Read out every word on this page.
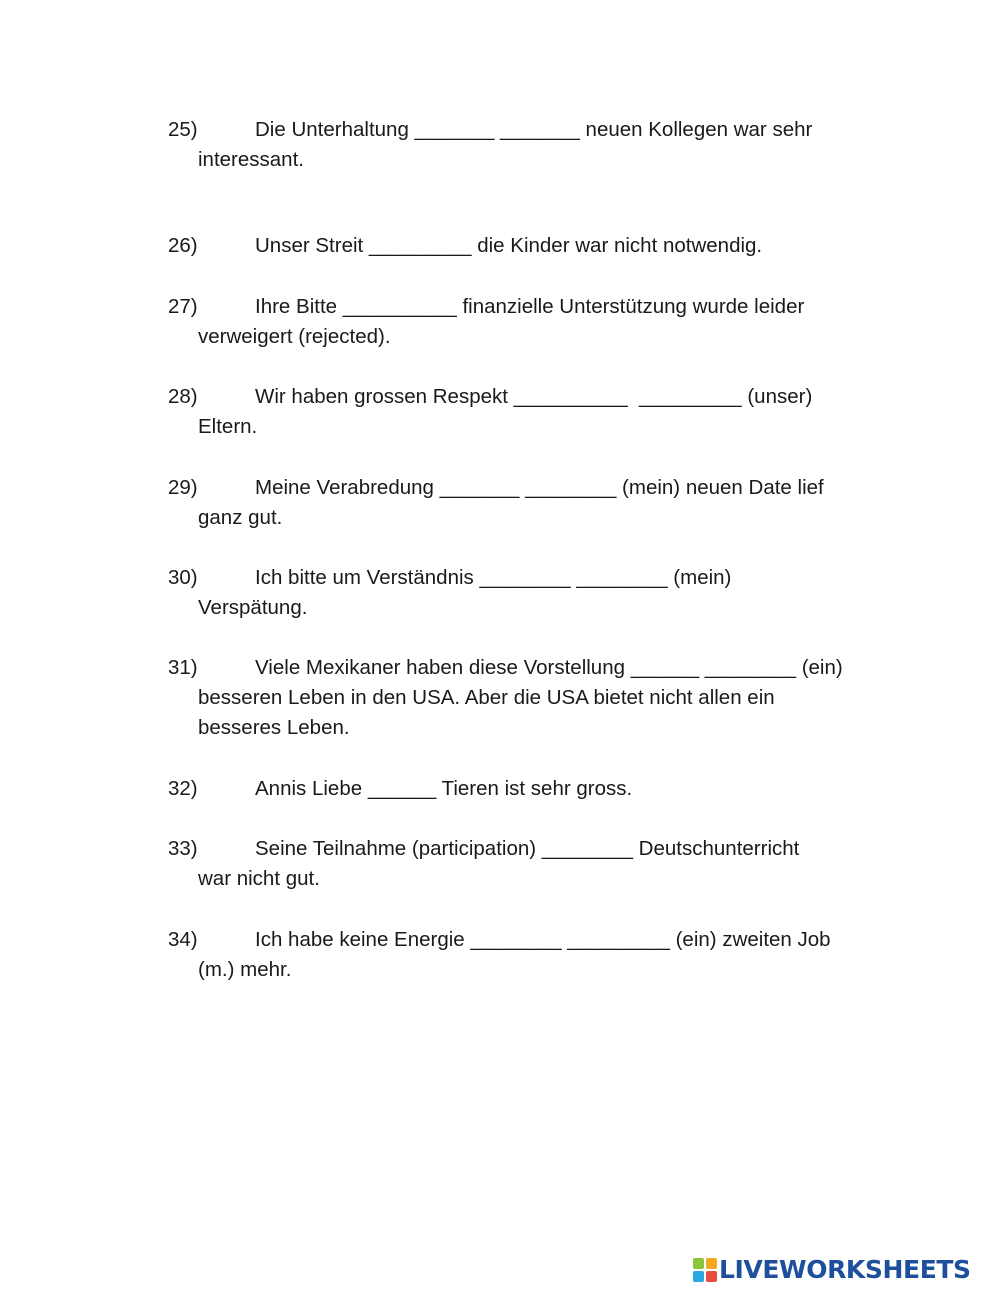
25)	Die Unterhaltung _______ _______ neuen Kollegen war sehr
interessant.
26)	Unser Streit _________ die Kinder war nicht notwendig.
27)	Ihre Bitte __________ finanzielle Unterstützung wurde leider
verweigert (rejected).
28)	Wir haben grossen Respekt __________  _________ (unser)
Eltern.
29)	Meine Verabredung _______ ________ (mein) neuen Date lief
ganz gut.
30)	Ich bitte um Verständnis ________ ________ (mein)
Verspätung.
31)	Viele Mexikaner haben diese Vorstellung ______ ________ (ein)
besseren Leben in den USA. Aber die USA bietet nicht allen ein
besseres Leben.
32)	Annis Liebe ______ Tieren ist sehr gross.
33)	Seine Teilnahme (participation) ________ Deutschunterricht
war nicht gut.
34)	Ich habe keine Energie ________ _________ (ein) zweiten Job
(m.) mehr.
LIVEWORKSHEETS
